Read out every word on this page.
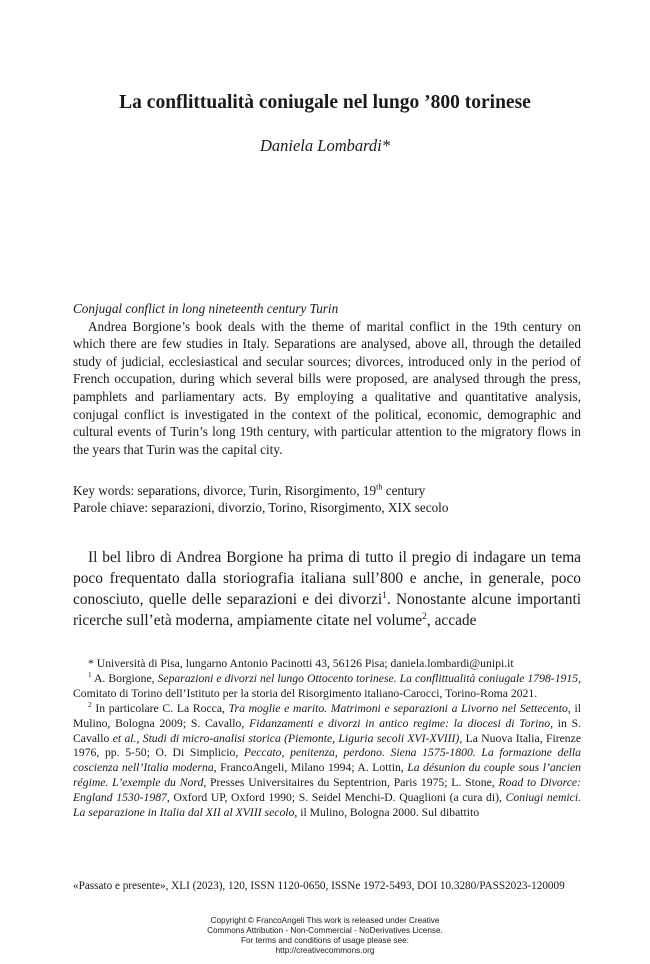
La conflittualità coniugale nel lungo ’800 torinese
Daniela Lombardi*
Conjugal conflict in long nineteenth century Turin

Andrea Borgione’s book deals with the theme of marital conflict in the 19th century on which there are few studies in Italy. Separations are analysed, above all, through the detailed study of judicial, ecclesiastical and secular sources; divorces, introduced only in the period of French occupation, during which several bills were proposed, are analysed through the press, pamphlets and parliamentary acts. By employing a qualitative and quantitative analysis, conjugal conflict is investigated in the context of the political, economic, demographic and cultural events of Turin’s long 19th century, with particular attention to the migratory flows in the years that Turin was the capital city.

Key words: separations, divorce, Turin, Risorgimento, 19th century
Parole chiave: separazioni, divorzio, Torino, Risorgimento, XIX secolo

Il bel libro di Andrea Borgione ha prima di tutto il pregio di indagare un tema poco frequentato dalla storiografia italiana sull’800 e anche, in generale, poco conosciuto, quelle delle separazioni e dei divorzi$^1$. Nonostante alcune importanti ricerche sull’età moderna, ampiamente citate nel volume$^2$, accade

* Università di Pisa, lungarno Antonio Pacinotti 43, 56126 Pisa; daniela.lombardi@unipi.it

$^1$ A. Borgione, Separazioni e divorzi nel lungo Ottocento torinese. La conflittualità coniugale 1798-1915, Comitato di Torino dell’Istituto per la storia del Risorgimento italiano-Carocci, Torino-Roma 2021.

$^2$ In particolare C. La Rocca, Tra moglie e marito. Matrimoni e separazioni a Livorno nel Settecento, il Mulino, Bologna 2009; S. Cavallo, Fidanzamenti e divorzi in antico regime: la diocesi di Torino, in S. Cavallo et al., Studi di micro-analisi storica (Piemonte, Liguria secoli XVI-XVIII), La Nuova Italia, Firenze 1976, pp. 5-50; O. Di Simplicio, Peccato, penitenza, perdono. Siena 1575-1800. La formazione della coscienza nell’Italia moderna, FrancoAngeli, Milano 1994; A. Lottin, La désunion du couple sous l’ancien régime. L’exemple du Nord, Presses Universitaires du Septentrion, Paris 1975; L. Stone, Road to Divorce: England 1530-1987, Oxford UP, Oxford 1990; S. Seidel Menchi-D. Quaglioni (a cura di), Coniugi nemici. La separazione in Italia dal XII al XVIII secolo, il Mulino, Bologna 2000. Sul dibattito

«Passato e presente», XLI (2023), 120, ISSN 1120-0650, ISSNe 1972-5493, DOI 10.3280/PASS2023-120009
Copyright © FrancoAngeli This work is released under Creative
Commons Attribution - Non-Commercial - NoDerivatives License.
For terms and conditions of usage please see:
http://creativecommons.org
